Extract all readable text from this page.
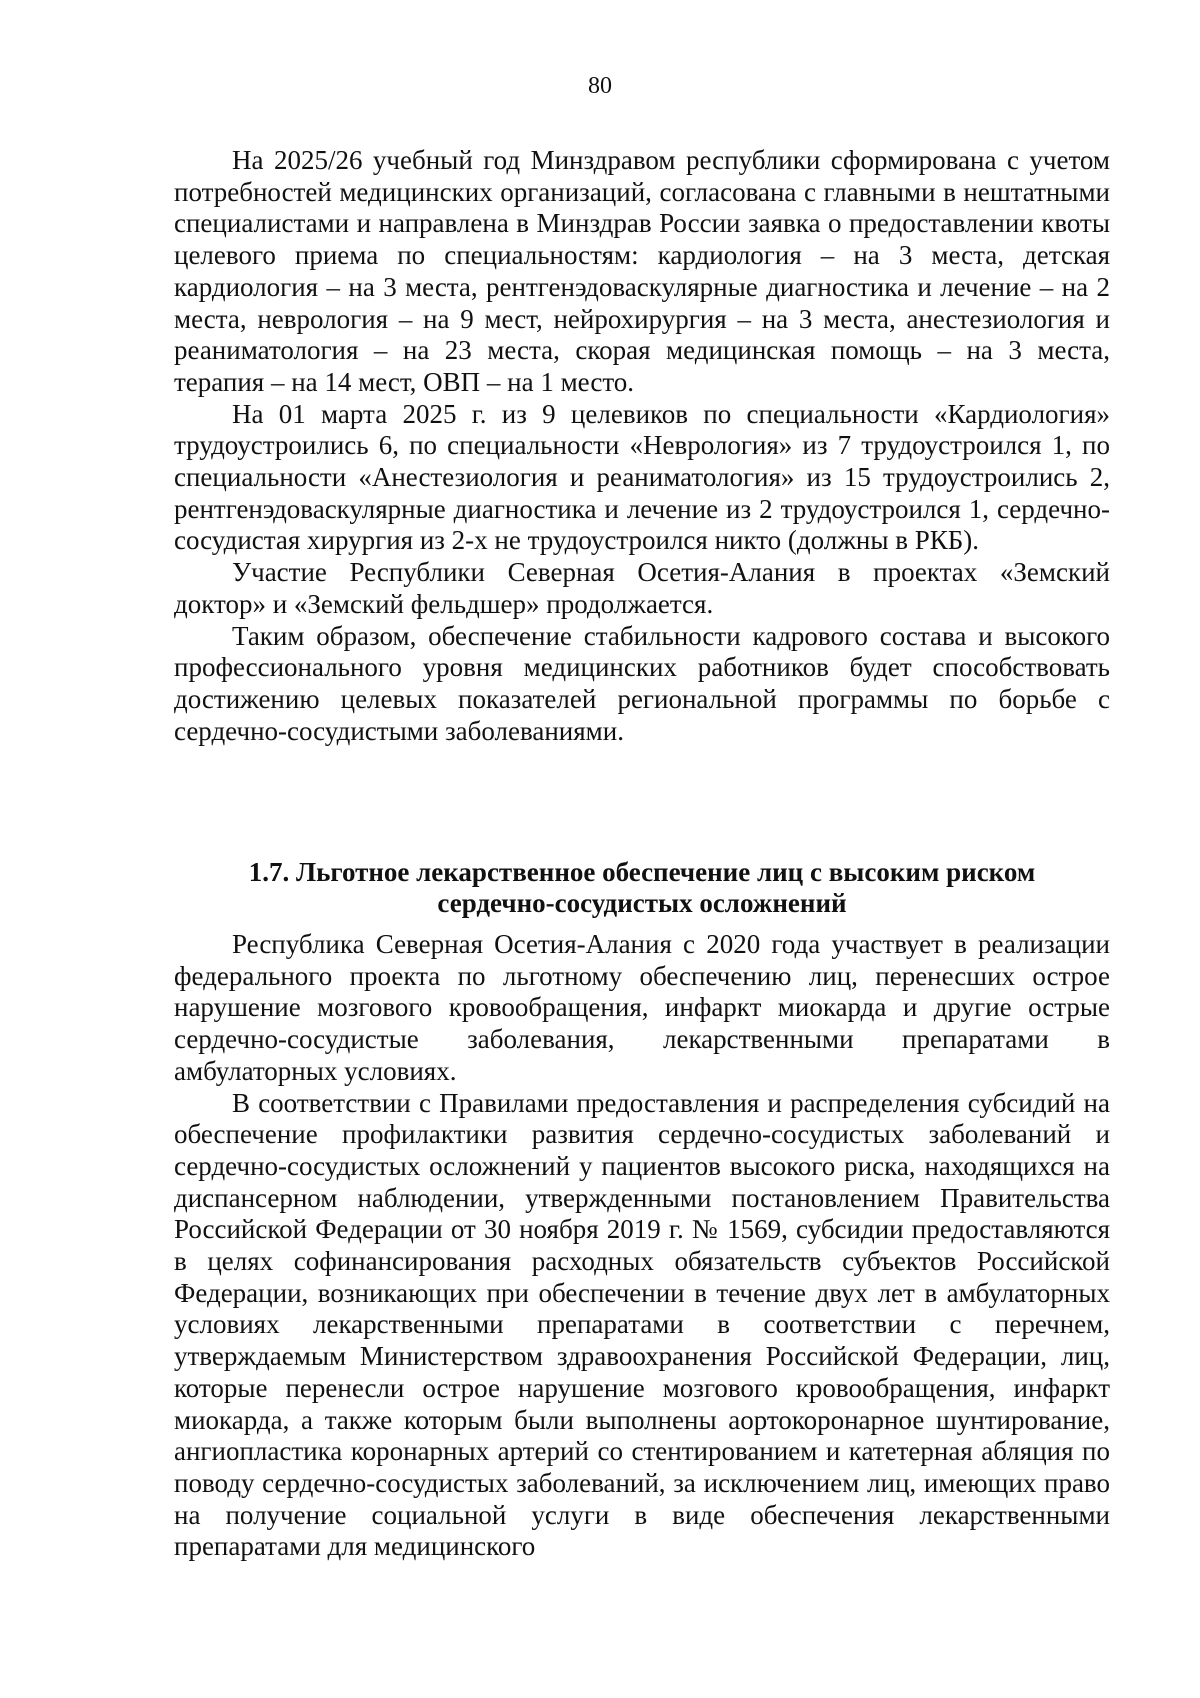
80

На 2025/26 учебный год Минздравом республики сформирована с учетом потребностей медицинских организаций, согласована с главными в нештатными специалистами и направлена в Минздрав России заявка о предоставлении квоты целевого приема по специальностям: кардиология – на 3 места, детская кардиология – на 3 места, рентгенэдоваскулярные диагностика и лечение – на 2 места, неврология – на 9 мест, нейрохирургия – на 3 места, анестезиология и реаниматология – на 23 места, скорая медицинская помощь – на 3 места, терапия – на 14 мест, ОВП – на 1 место.

На 01 марта 2025 г. из 9 целевиков по специальности «Кардиология» трудоустроились 6, по специальности «Неврология» из 7 трудоустроился 1, по специальности «Анестезиология и реаниматология» из 15 трудоустроились 2, рентгенэдоваскулярные диагностика и лечение из 2 трудоустроился 1, сердечно-сосудистая хирургия из 2-х не трудоустроился никто (должны в РКБ).

Участие Республики Северная Осетия-Алания в проектах «Земский доктор» и «Земский фельдшер» продолжается.

Таким образом, обеспечение стабильности кадрового состава и высокого профессионального уровня медицинских работников будет способствовать достижению целевых показателей региональной программы по борьбе с сердечно-сосудистыми заболеваниями.

1.7. Льготное лекарственное обеспечение лиц с высоким риском
сердечно-сосудистых осложнений

Республика Северная Осетия-Алания с 2020 года участвует в реализации федерального проекта по льготному обеспечению лиц, перенесших острое нарушение мозгового кровообращения, инфаркт миокарда и другие острые сердечно-сосудистые заболевания, лекарственными препаратами в амбулаторных условиях.

В соответствии с Правилами предоставления и распределения субсидий на обеспечение профилактики развития сердечно-сосудистых заболеваний и сердечно-сосудистых осложнений у пациентов высокого риска, находящихся на диспансерном наблюдении, утвержденными постановлением Правительства Российской Федерации от 30 ноября 2019 г. № 1569, субсидии предоставляются в целях софинансирования расходных обязательств субъектов Российской Федерации, возникающих при обеспечении в течение двух лет в амбулаторных условиях лекарственными препаратами в соответствии с перечнем, утверждаемым Министерством здравоохранения Российской Федерации, лиц, которые перенесли острое нарушение мозгового кровообращения, инфаркт миокарда, а также которым были выполнены аортокоронарное шунтирование, ангиопластика коронарных артерий со стентированием и катетерная абляция по поводу сердечно-сосудистых заболеваний, за исключением лиц, имеющих право на получение социальной услуги в виде обеспечения лекарственными препаратами для медицинского
